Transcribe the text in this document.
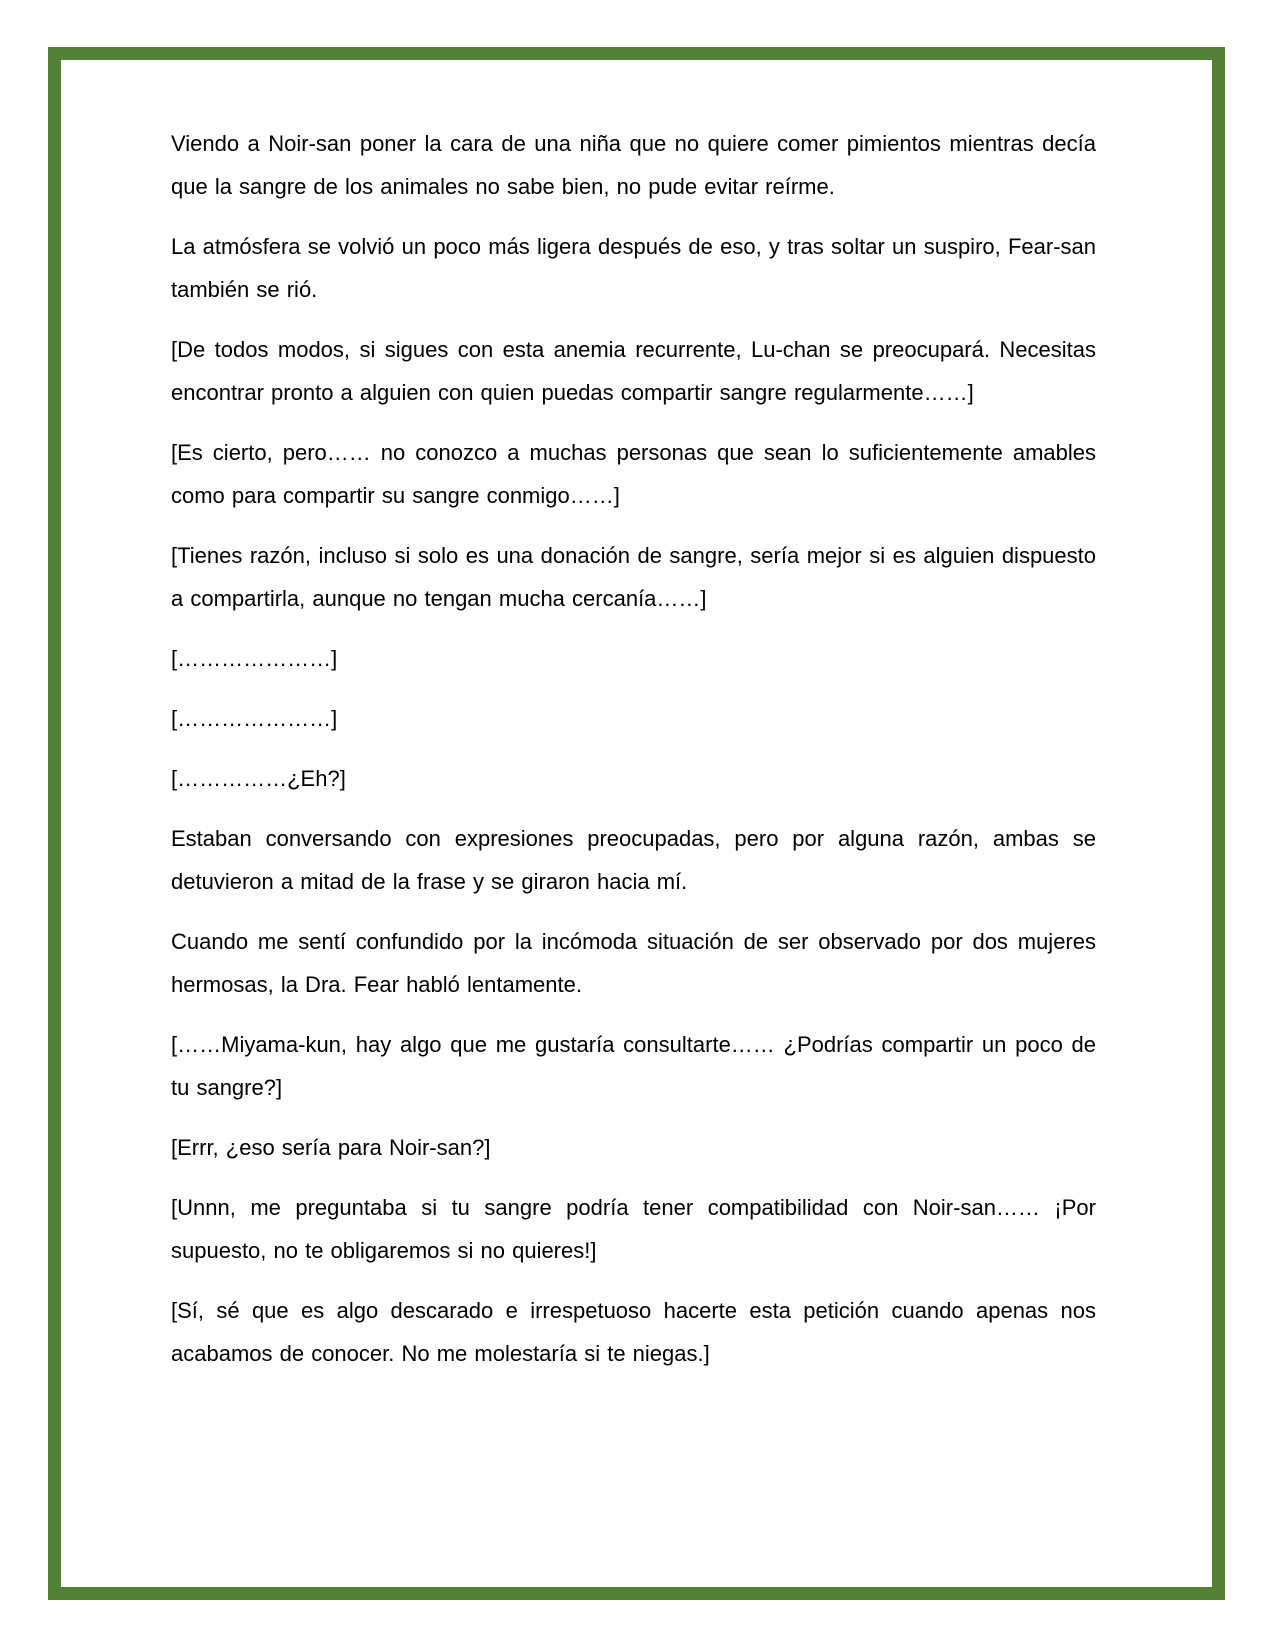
Viendo a Noir-san poner la cara de una niña que no quiere comer pimientos mientras decía que la sangre de los animales no sabe bien, no pude evitar reírme.

La atmósfera se volvió un poco más ligera después de eso, y tras soltar un suspiro, Fear-san también se rió.

[De todos modos, si sigues con esta anemia recurrente, Lu-chan se preocupará. Necesitas encontrar pronto a alguien con quien puedas compartir sangre regularmente……]

[Es cierto, pero…… no conozco a muchas personas que sean lo suficientemente amables como para compartir su sangre conmigo……]

[Tienes razón, incluso si solo es una donación de sangre, sería mejor si es alguien dispuesto a compartirla, aunque no tengan mucha cercanía……]

[…………………]

[…………………]

[……………¿Eh?]

Estaban conversando con expresiones preocupadas, pero por alguna razón, ambas se detuvieron a mitad de la frase y se giraron hacia mí.

Cuando me sentí confundido por la incómoda situación de ser observado por dos mujeres hermosas, la Dra. Fear habló lentamente.

[……Miyama-kun, hay algo que me gustaría consultarte…… ¿Podrías compartir un poco de tu sangre?]

[Errr, ¿eso sería para Noir-san?]

[Unnn, me preguntaba si tu sangre podría tener compatibilidad con Noir-san…… ¡Por supuesto, no te obligaremos si no quieres!]

[Sí, sé que es algo descarado e irrespetuoso hacerte esta petición cuando apenas nos acabamos de conocer. No me molestaría si te niegas.]
